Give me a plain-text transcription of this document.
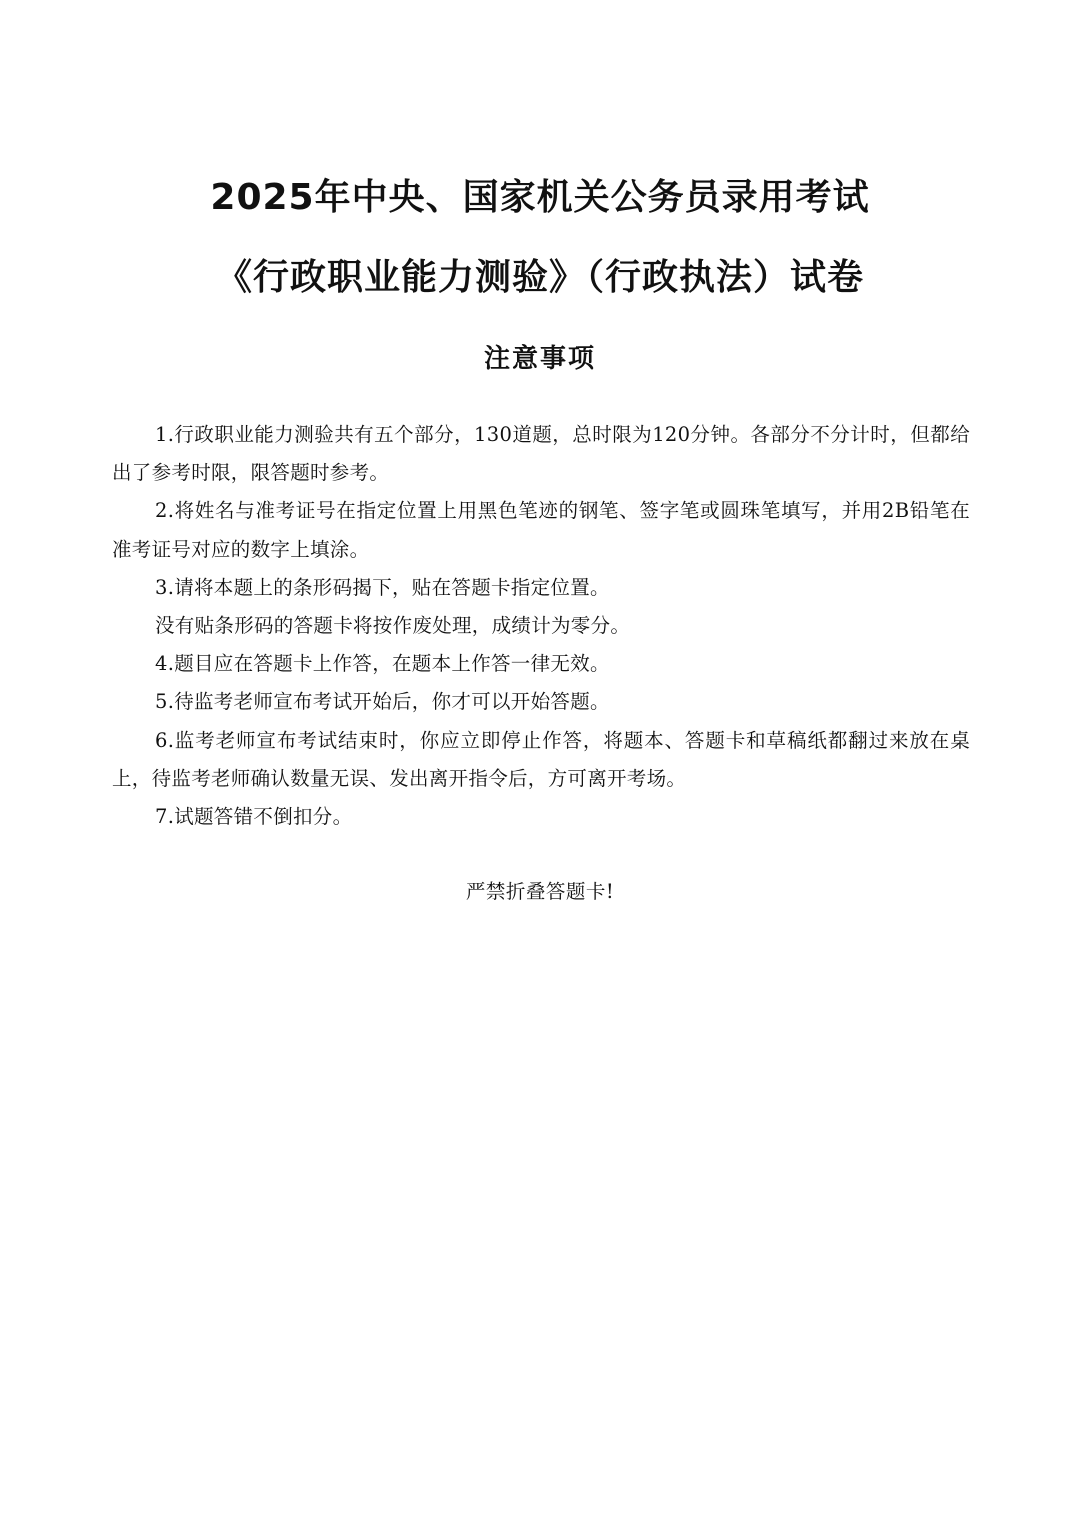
2025年中央、国家机关公务员录用考试
《行政职业能力测验》（行政执法）试卷
注意事项

1.行政职业能力测验共有五个部分，130道题，总时限为120分钟。各部分不分计时，但都给出了参考时限，限答题时参考。

2.将姓名与准考证号在指定位置上用黑色笔迹的钢笔、签字笔或圆珠笔填写，并用2B铅笔在准考证号对应的数字上填涂。

3.请将本题上的条形码揭下，贴在答题卡指定位置。

没有贴条形码的答题卡将按作废处理，成绩计为零分。

4.题目应在答题卡上作答，在题本上作答一律无效。

5.待监考老师宣布考试开始后，你才可以开始答题。

6.监考老师宣布考试结束时，你应立即停止作答，将题本、答题卡和草稿纸都翻过来放在桌上，待监考老师确认数量无误、发出离开指令后，方可离开考场。

7.试题答错不倒扣分。

严禁折叠答题卡!
